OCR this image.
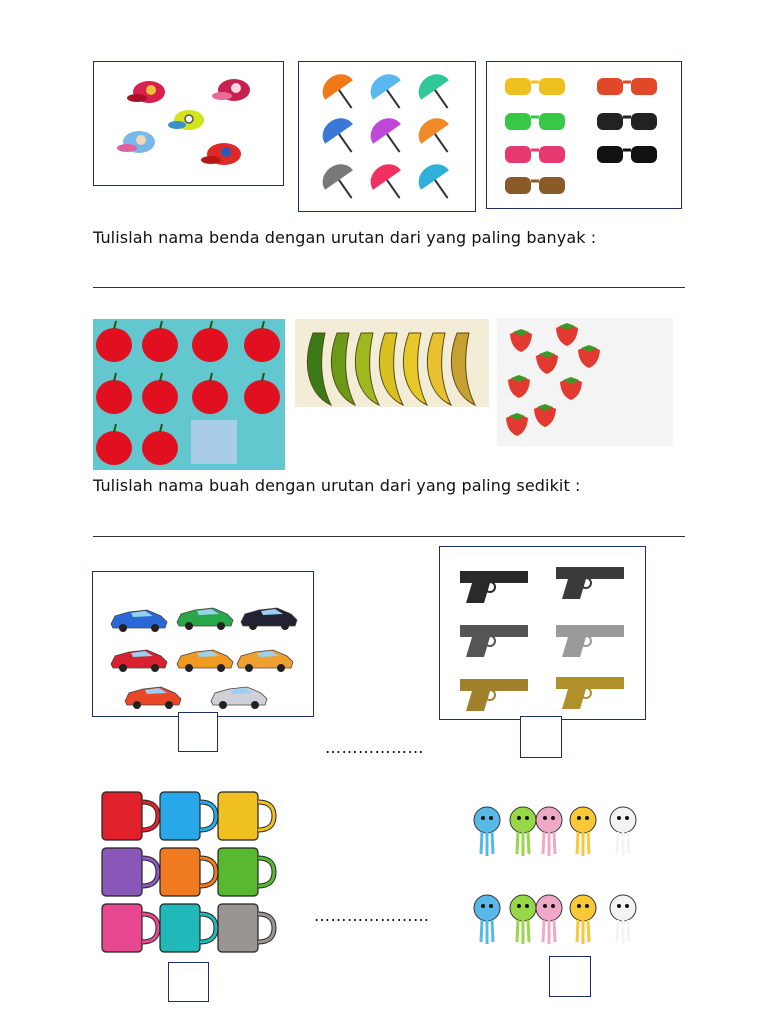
Tulislah nama benda dengan urutan dari yang paling banyak :
Tulislah nama buah dengan urutan dari yang paling sedikit :
………………
…………………
